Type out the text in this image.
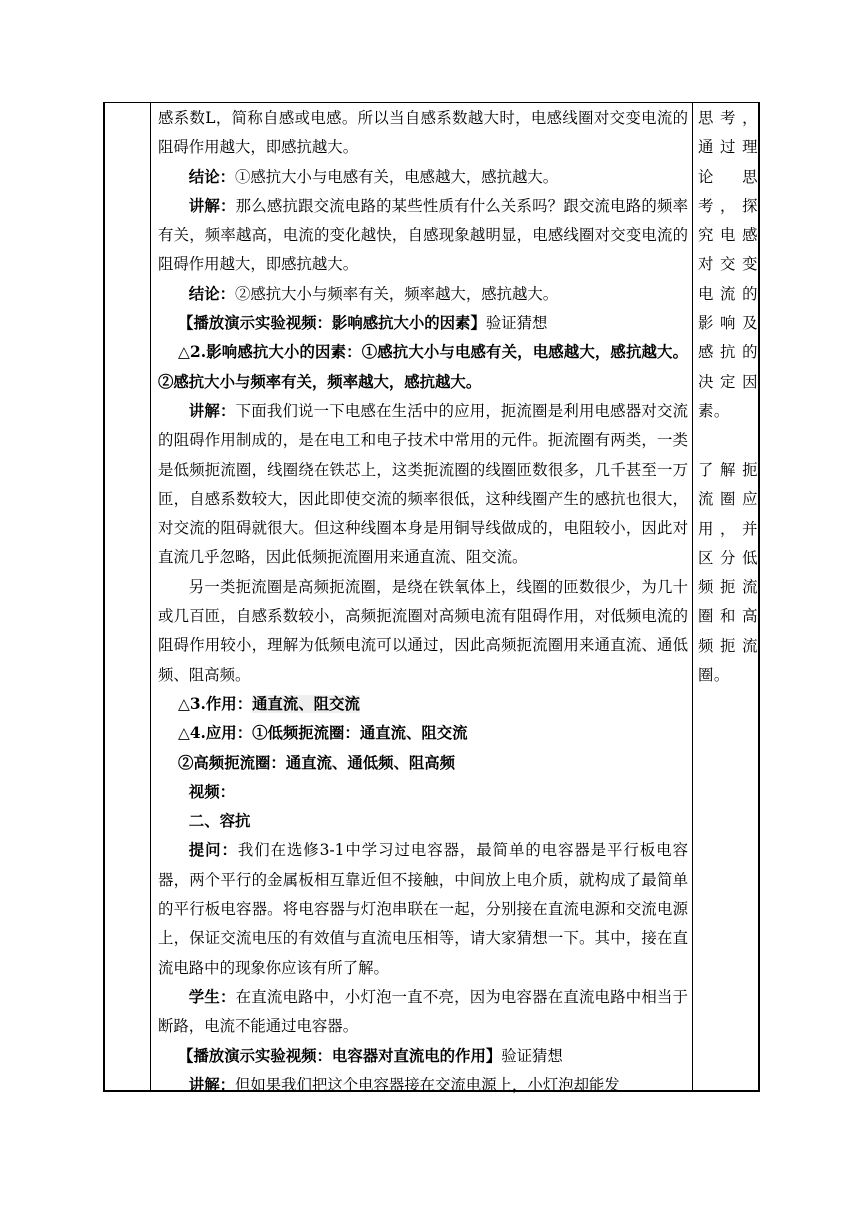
感系数L，简称自感或电感。所以当自感系数越大时，电感线圈对交变电流的阻碍作用越大，即感抗越大。

结论：①感抗大小与电感有关，电感越大，感抗越大。

讲解：那么感抗跟交流电路的某些性质有什么关系吗？跟交流电路的频率有关，频率越高，电流的变化越快，自感现象越明显，电感线圈对交变电流的阻碍作用越大，即感抗越大。

结论：②感抗大小与频率有关，频率越大，感抗越大。

【播放演示实验视频：影响感抗大小的因素】验证猜想

△2.影响感抗大小的因素：①感抗大小与电感有关，电感越大，感抗越大。②感抗大小与频率有关，频率越大，感抗越大。

讲解：下面我们说一下电感在生活中的应用，扼流圈是利用电感器对交流的阻碍作用制成的，是在电工和电子技术中常用的元件。扼流圈有两类，一类是低频扼流圈，线圈绕在铁芯上，这类扼流圈的线圈匝数很多，几千甚至一万匝，自感系数较大，因此即使交流的频率很低，这种线圈产生的感抗也很大，对交流的阻碍就很大。但这种线圈本身是用铜导线做成的，电阻较小，因此对直流几乎忽略，因此低频扼流圈用来通直流、阻交流。

另一类扼流圈是高频扼流圈，是绕在铁氧体上，线圈的匝数很少，为几十或几百匝，自感系数较小，高频扼流圈对高频电流有阻碍作用，对低频电流的阻碍作用较小，理解为低频电流可以通过，因此高频扼流圈用来通直流、通低频、阻高频。

△3.作用：通直流、阻交流

△4.应用：①低频扼流圈：通直流、阻交流

②高频扼流圈：通直流、通低频、阻高频

视频：

二、容抗

提问：我们在选修3-1中学习过电容器，最简单的电容器是平行板电容器，两个平行的金属板相互靠近但不接触，中间放上电介质，就构成了最简单的平行板电容器。将电容器与灯泡串联在一起，分别接在直流电源和交流电源上，保证交流电压的有效值与直流电压相等，请大家猜想一下。其中，接在直流电路中的现象你应该有所了解。

学生：在直流电路中，小灯泡一直不亮，因为电容器在直流电路中相当于断路，电流不能通过电容器。

【播放演示实验视频：电容器对直流电的作用】验证猜想

讲解：但如果我们把这个电容器接在交流电源上，小灯泡却能发

思考，通过理论思考，探究电感对交变电流的影响及感抗的决定因素。

了解扼流圈应用，并区分低频扼流圈和高频扼流圈。
